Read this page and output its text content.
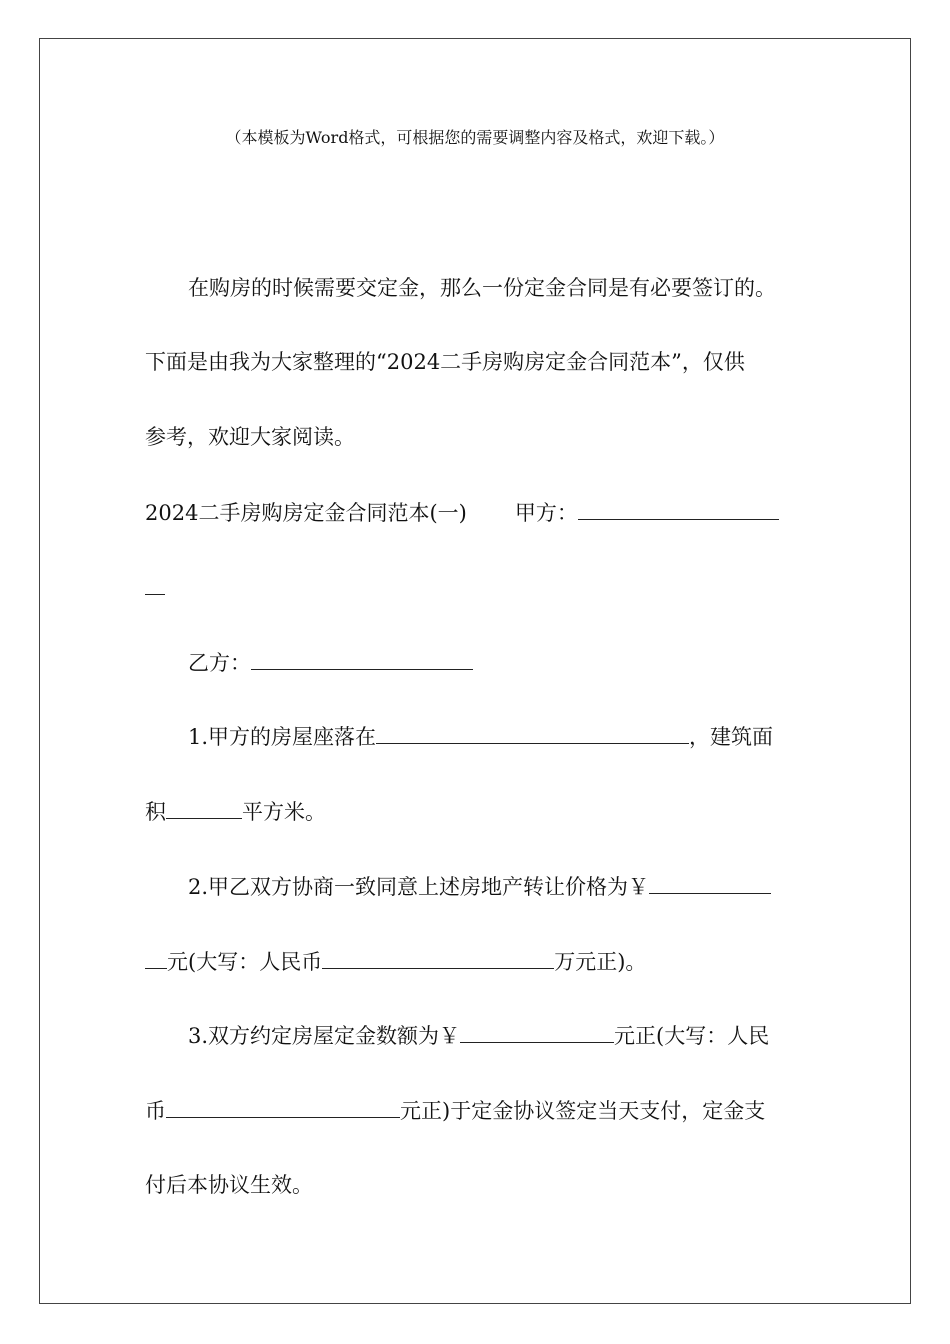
（本模板为Word格式，可根据您的需要调整内容及格式，欢迎下载。）
在购房的时候需要交定金，那么一份定金合同是有必要签订的。
下面是由我为大家整理的“2024二手房购房定金合同范本”，仅供
参考，欢迎大家阅读。
2024二手房购房定金合同范本(一) 甲方：
乙方：
1.甲方的房屋座落在	，建筑面
积	平方米。
2.甲乙双方协商一致同意上述房地产转让价格为￥
元(大写：人民币	万元正)。
3.双方约定房屋定金数额为￥	元正(大写：人民
币	元正)于定金协议签定当天支付，定金支
付后本协议生效。
